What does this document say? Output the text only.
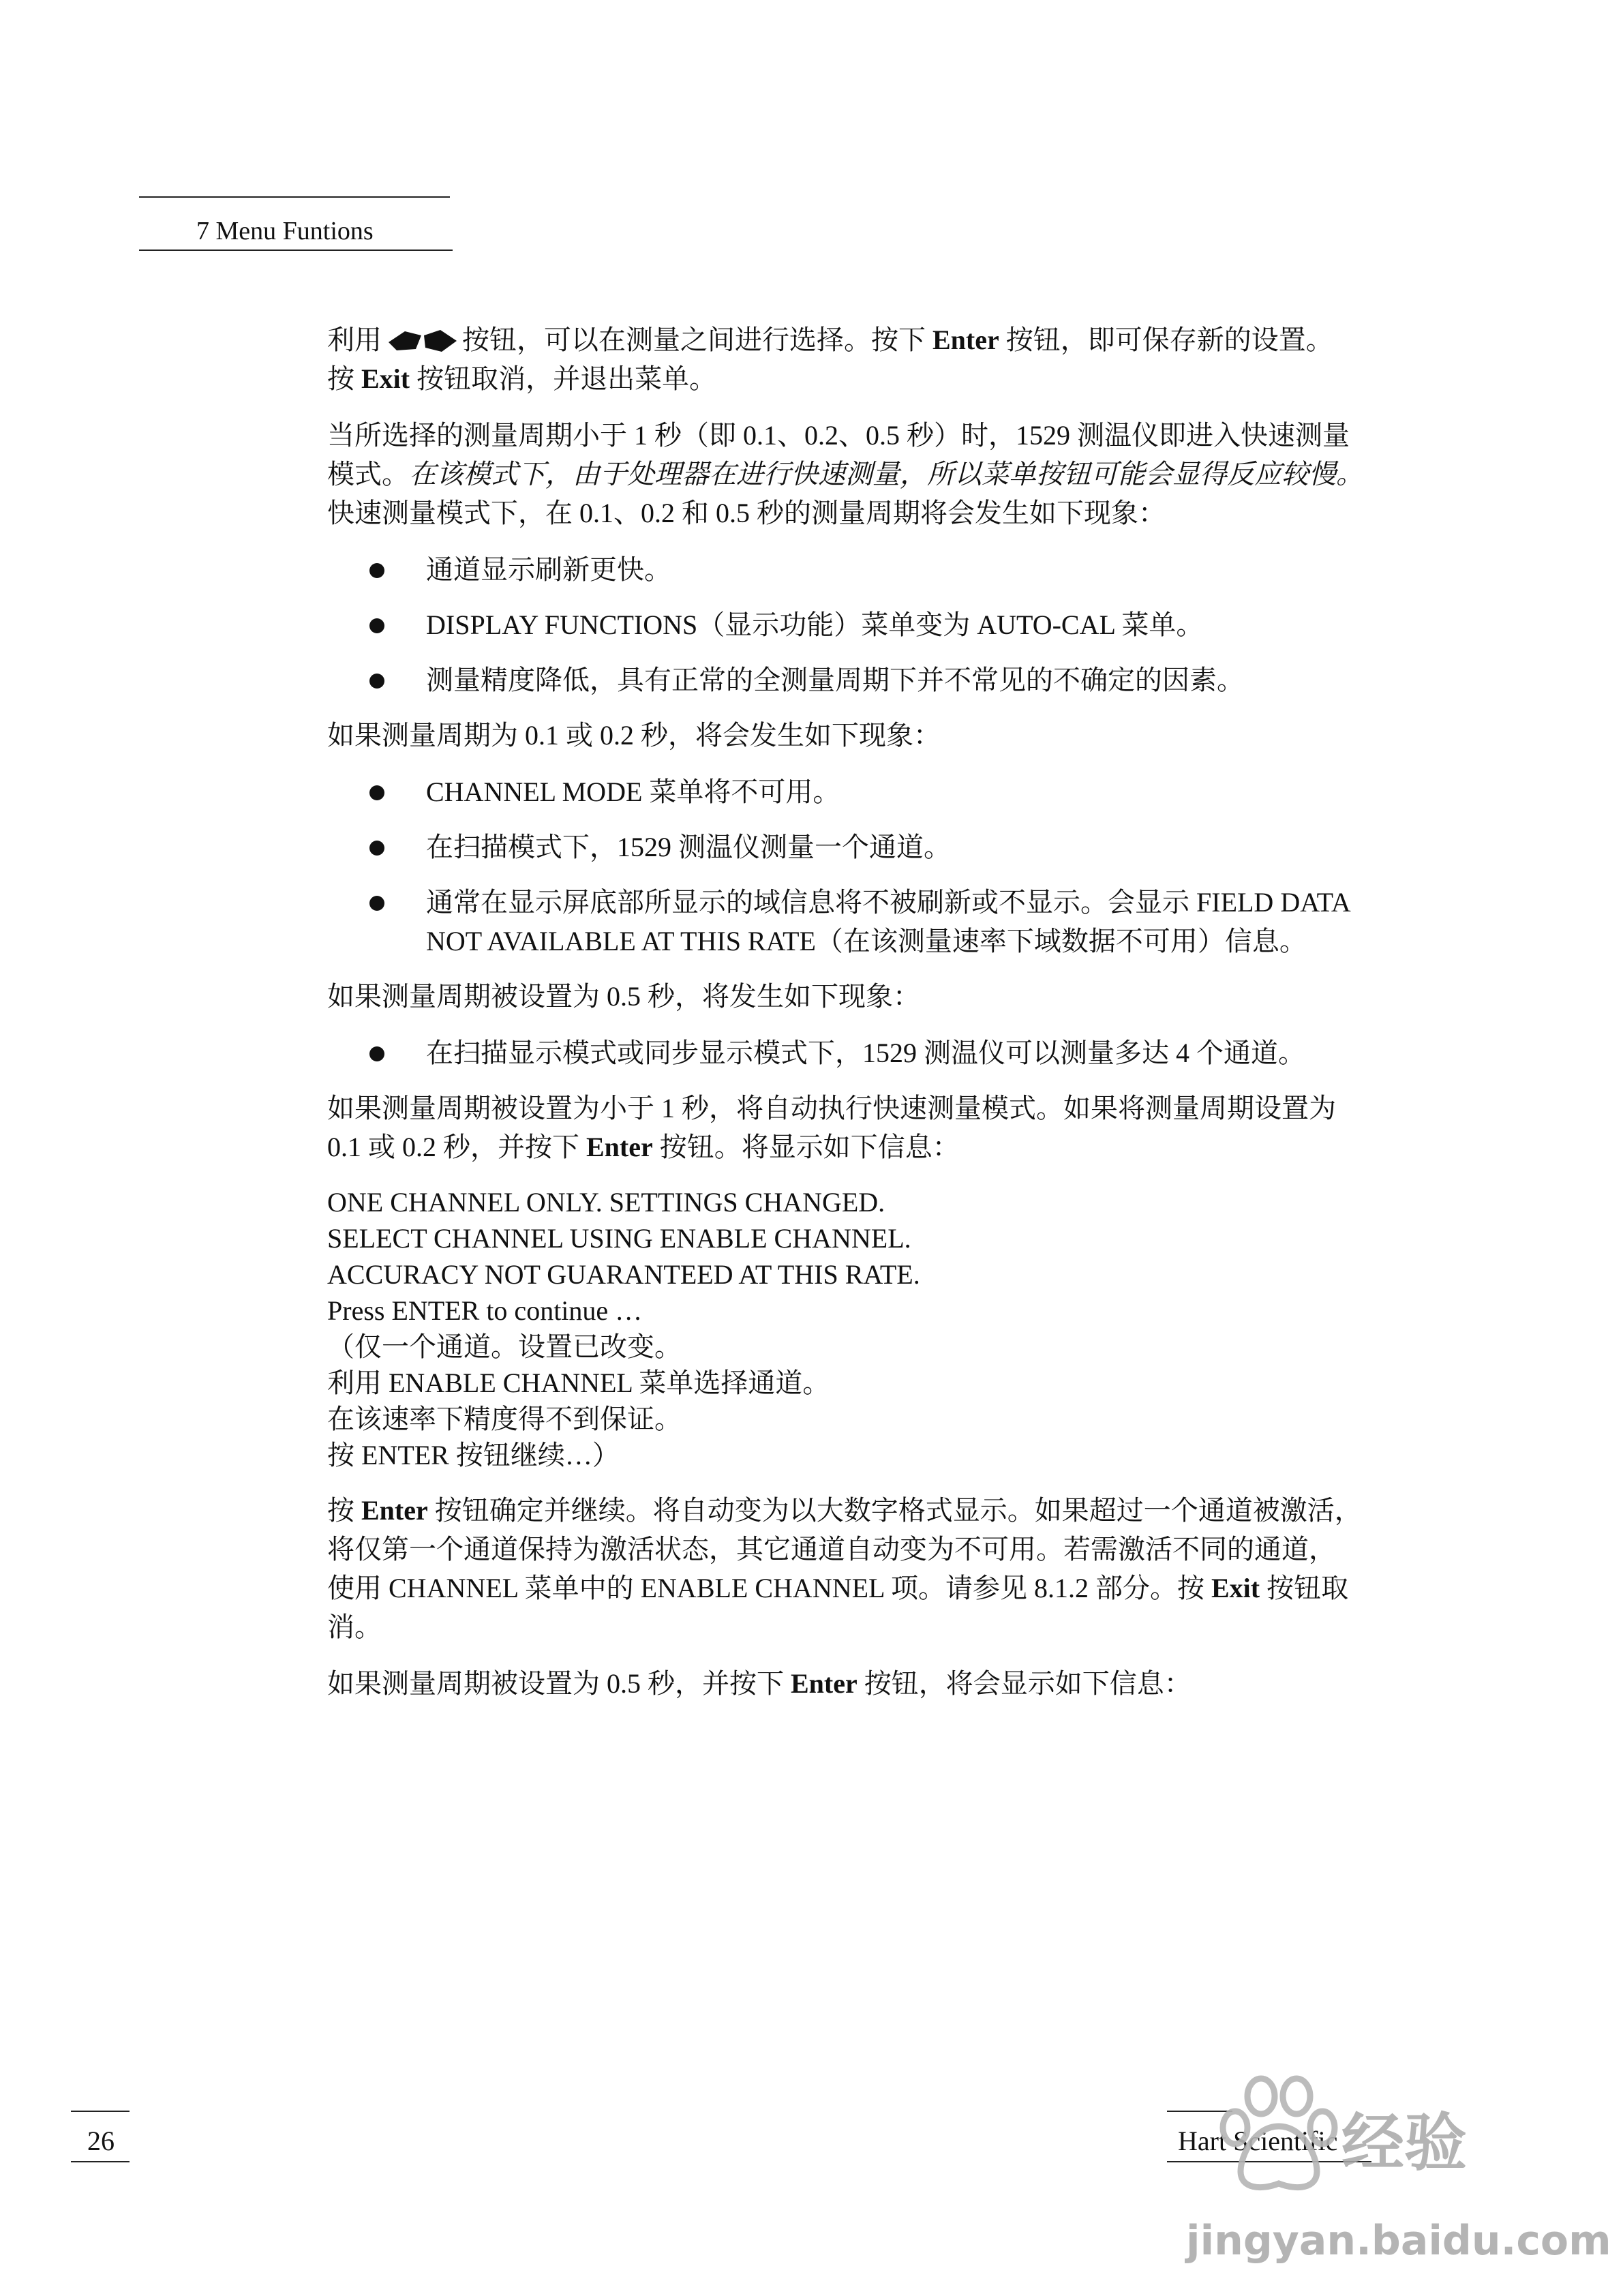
7 Menu Funtions

利用	按钮，可以在测量之间进行选择。按下 Enter 按钮，即可保存新的设置。
按 Exit 按钮取消，并退出菜单。

当所选择的测量周期小于 1 秒（即 0.1、0.2、0.5 秒）时，1529 测温仪即进入快速测量
模式。在该模式下，由于处理器在进行快速测量，所以菜单按钮可能会显得反应较慢。
快速测量模式下，在 0.1、0.2 和 0.5 秒的测量周期将会发生如下现象：

通道显示刷新更快。
DISPLAY FUNCTIONS（显示功能）菜单变为 AUTO-CAL 菜单。
测量精度降低，具有正常的全测量周期下并不常见的不确定的因素。

如果测量周期为 0.1 或 0.2 秒，将会发生如下现象：

CHANNEL MODE 菜单将不可用。
在扫描模式下，1529 测温仪测量一个通道。
通常在显示屏底部所显示的域信息将不被刷新或不显示。会显示 FIELD DATA NOT AVAILABLE AT THIS RATE（在该测量速率下域数据不可用）信息。

如果测量周期被设置为 0.5 秒，将发生如下现象：

在扫描显示模式或同步显示模式下，1529 测温仪可以测量多达 4 个通道。

如果测量周期被设置为小于 1 秒，将自动执行快速测量模式。如果将测量周期设置为
0.1 或 0.2 秒，并按下 Enter 按钮。将显示如下信息：

ONE CHANNEL ONLY. SETTINGS CHANGED.
SELECT CHANNEL USING ENABLE CHANNEL.
ACCURACY NOT GUARANTEED AT THIS RATE.
Press ENTER to continue …
（仅一个通道。设置已改变。
利用 ENABLE CHANNEL 菜单选择通道。
在该速率下精度得不到保证。
按 ENTER 按钮继续…）

按 Enter 按钮确定并继续。将自动变为以大数字格式显示。如果超过一个通道被激活，
将仅第一个通道保持为激活状态，其它通道自动变为不可用。若需激活不同的通道，
使用 CHANNEL 菜单中的 ENABLE CHANNEL 项。请参见 8.1.2 部分。按 Exit 按钮取
消。

如果测量周期被设置为 0.5 秒，并按下 Enter 按钮，将会显示如下信息：

26	Hart Scientific 经验
jingyan.baidu.com
